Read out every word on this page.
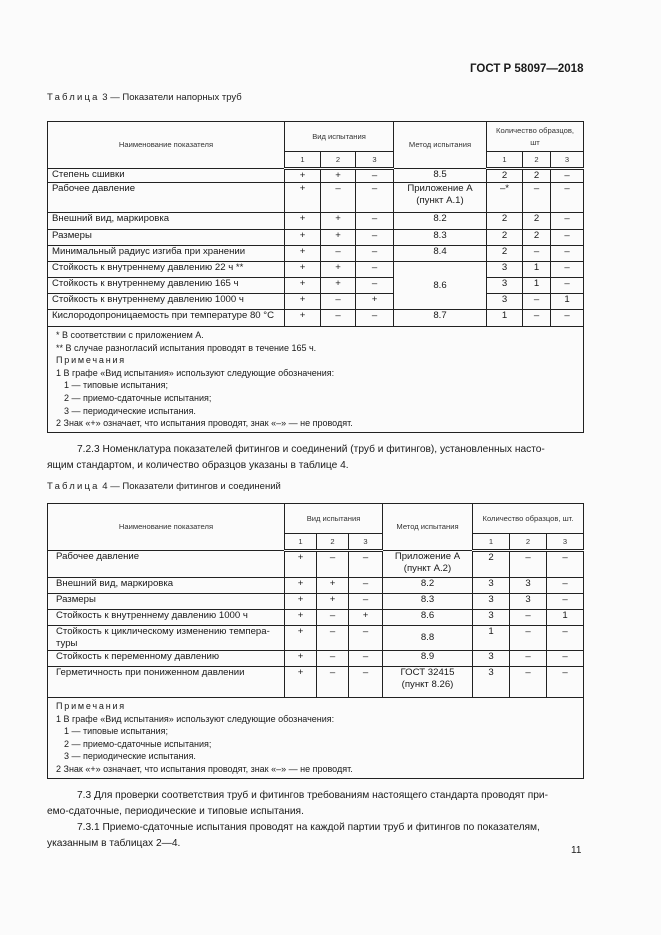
ГОСТ Р 58097—2018
Таблица 3 — Показатели напорных труб
Наименование показателя	Вид испытания			Метод испытания	Количество образцов, шт		
	1	2	3		1	2	3
Степень сшивки	+	+	–	8.5	2	2	–
Рабочее давление	+	–	–	Приложение А (пункт А.1)	–*	–	–
Внешний вид, маркировка	+	+	–	8.2	2	2	–
Размеры	+	+	–	8.3	2	2	–
Минимальный радиус изгиба при хранении	+	–	–	8.4	2	–	–
Стойкость к внутреннему давлению 22 ч **	+	+	–	8.6	3	1	–
Стойкость к внутреннему давлению 165 ч	+	+	–		3	1	–
Стойкость к внутреннему давлению 1000 ч	+	–	+		3	–	1
Кислородопроницаемость при температуре 80 °С	+	–	–	8.7	1	–	–

* В соответствии с приложением А.
** В случае разногласий испытания проводят в течение 165 ч.
Примечания
1 В графе «Вид испытания» используют следующие обозначения:
1 — типовые испытания;
2 — приемо-сдаточные испытания;
3 — периодические испытания.
2 Знак «+» означает, что испытания проводят, знак «–» — не проводят.
7.2.3 Номенклатура показателей фитингов и соединений (труб и фитингов), установленных насто-
ящим стандартом, и количество образцов указаны в таблице 4.
Таблица 4 — Показатели фитингов и соединений
Наименование показателя	Вид испытания			Метод испытания	Количество образцов, шт.		
	1	2	3		1	2	3
Рабочее давление	+	–	–	Приложение А (пункт А.2)	2	–	–
Внешний вид, маркировка	+	+	–	8.2	3	3	–
Размеры	+	+	–	8.3	3	3	–
Стойкость к внутреннему давлению 1000 ч	+	–	+	8.6	3	–	1
Стойкость к циклическому изменению темпера-туры	+	–	–	8.8	1	–	–
Стойкость к переменному давлению	+	–	–	8.9	3	–	–
Герметичность при пониженном давлении	+	–	–	ГОСТ 32415 (пункт 8.26)	3	–	–

Примечания
1 В графе «Вид испытания» используют следующие обозначения:
1 — типовые испытания;
2 — приемо-сдаточные испытания;
3 — периодические испытания.
2 Знак «+» означает, что испытания проводят, знак «–» — не проводят.
7.3 Для проверки соответствия труб и фитингов требованиям настоящего стандарта проводят при-
емо-сдаточные, периодические и типовые испытания.
7.3.1 Приемо-сдаточные испытания проводят на каждой партии труб и фитингов по показателям,
указанным в таблицах 2—4.
11
